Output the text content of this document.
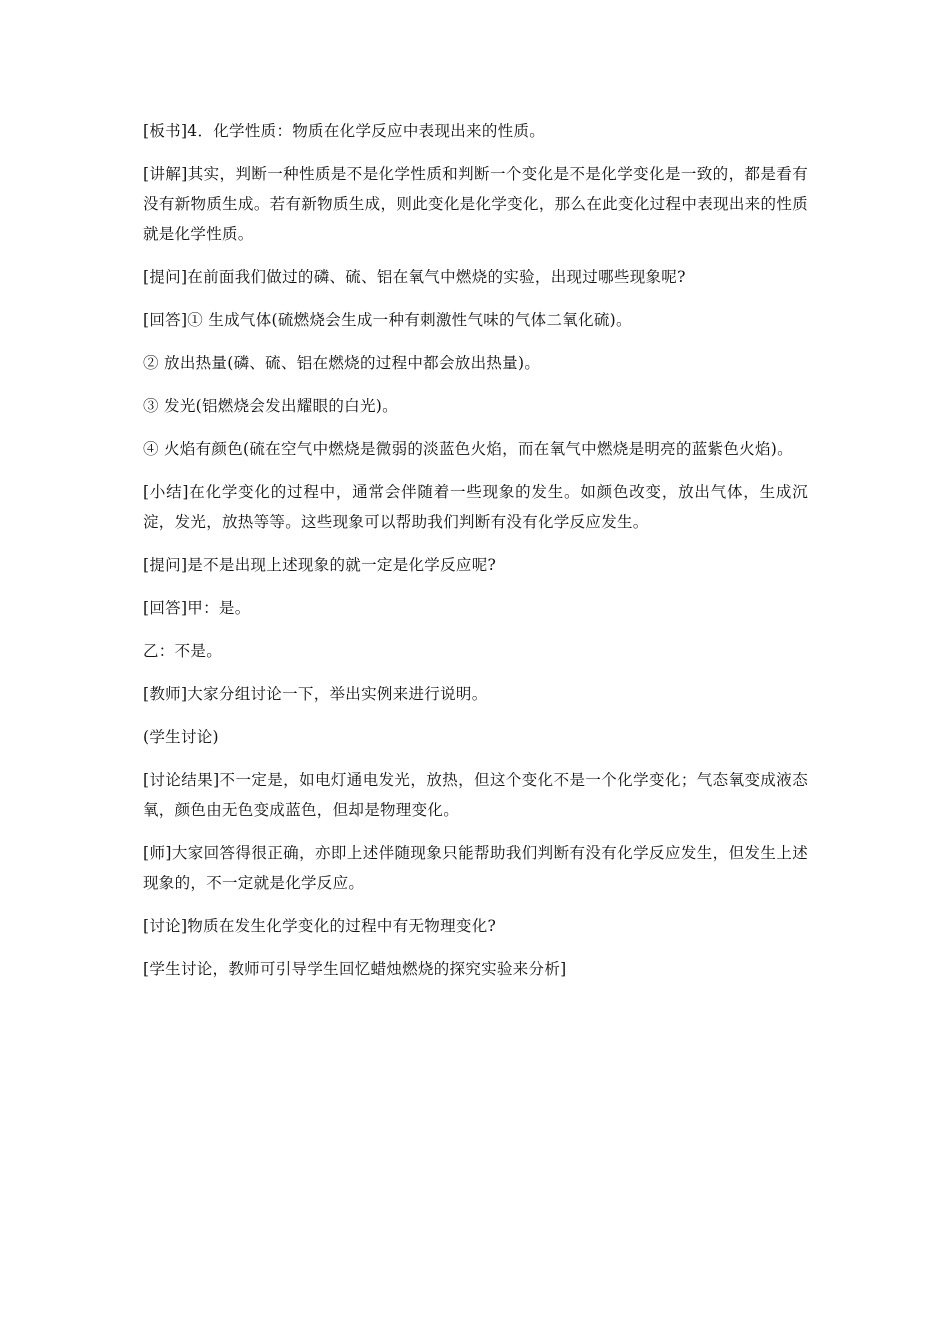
[板书]4．化学性质：物质在化学反应中表现出来的性质。

[讲解]其实，判断一种性质是不是化学性质和判断一个变化是不是化学变化是一致的，都是看有没有新物质生成。若有新物质生成，则此变化是化学变化，那么在此变化过程中表现出来的性质就是化学性质。

[提问]在前面我们做过的磷、硫、铝在氧气中燃烧的实验，出现过哪些现象呢?

[回答]① 生成气体(硫燃烧会生成一种有刺激性气味的气体二氧化硫)。

② 放出热量(磷、硫、铝在燃烧的过程中都会放出热量)。

③ 发光(铝燃烧会发出耀眼的白光)。

④ 火焰有颜色(硫在空气中燃烧是微弱的淡蓝色火焰，而在氧气中燃烧是明亮的蓝紫色火焰)。

[小结]在化学变化的过程中，通常会伴随着一些现象的发生。如颜色改变，放出气体，生成沉淀，发光，放热等等。这些现象可以帮助我们判断有没有化学反应发生。

[提问]是不是出现上述现象的就一定是化学反应呢?

[回答]甲：是。

乙：不是。

[教师]大家分组讨论一下，举出实例来进行说明。

(学生讨论)

[讨论结果]不一定是，如电灯通电发光，放热，但这个变化不是一个化学变化；气态氧变成液态氧，颜色由无色变成蓝色，但却是物理变化。

[师]大家回答得很正确，亦即上述伴随现象只能帮助我们判断有没有化学反应发生，但发生上述现象的，不一定就是化学反应。

[讨论]物质在发生化学变化的过程中有无物理变化?

[学生讨论，教师可引导学生回忆蜡烛燃烧的探究实验来分析]
